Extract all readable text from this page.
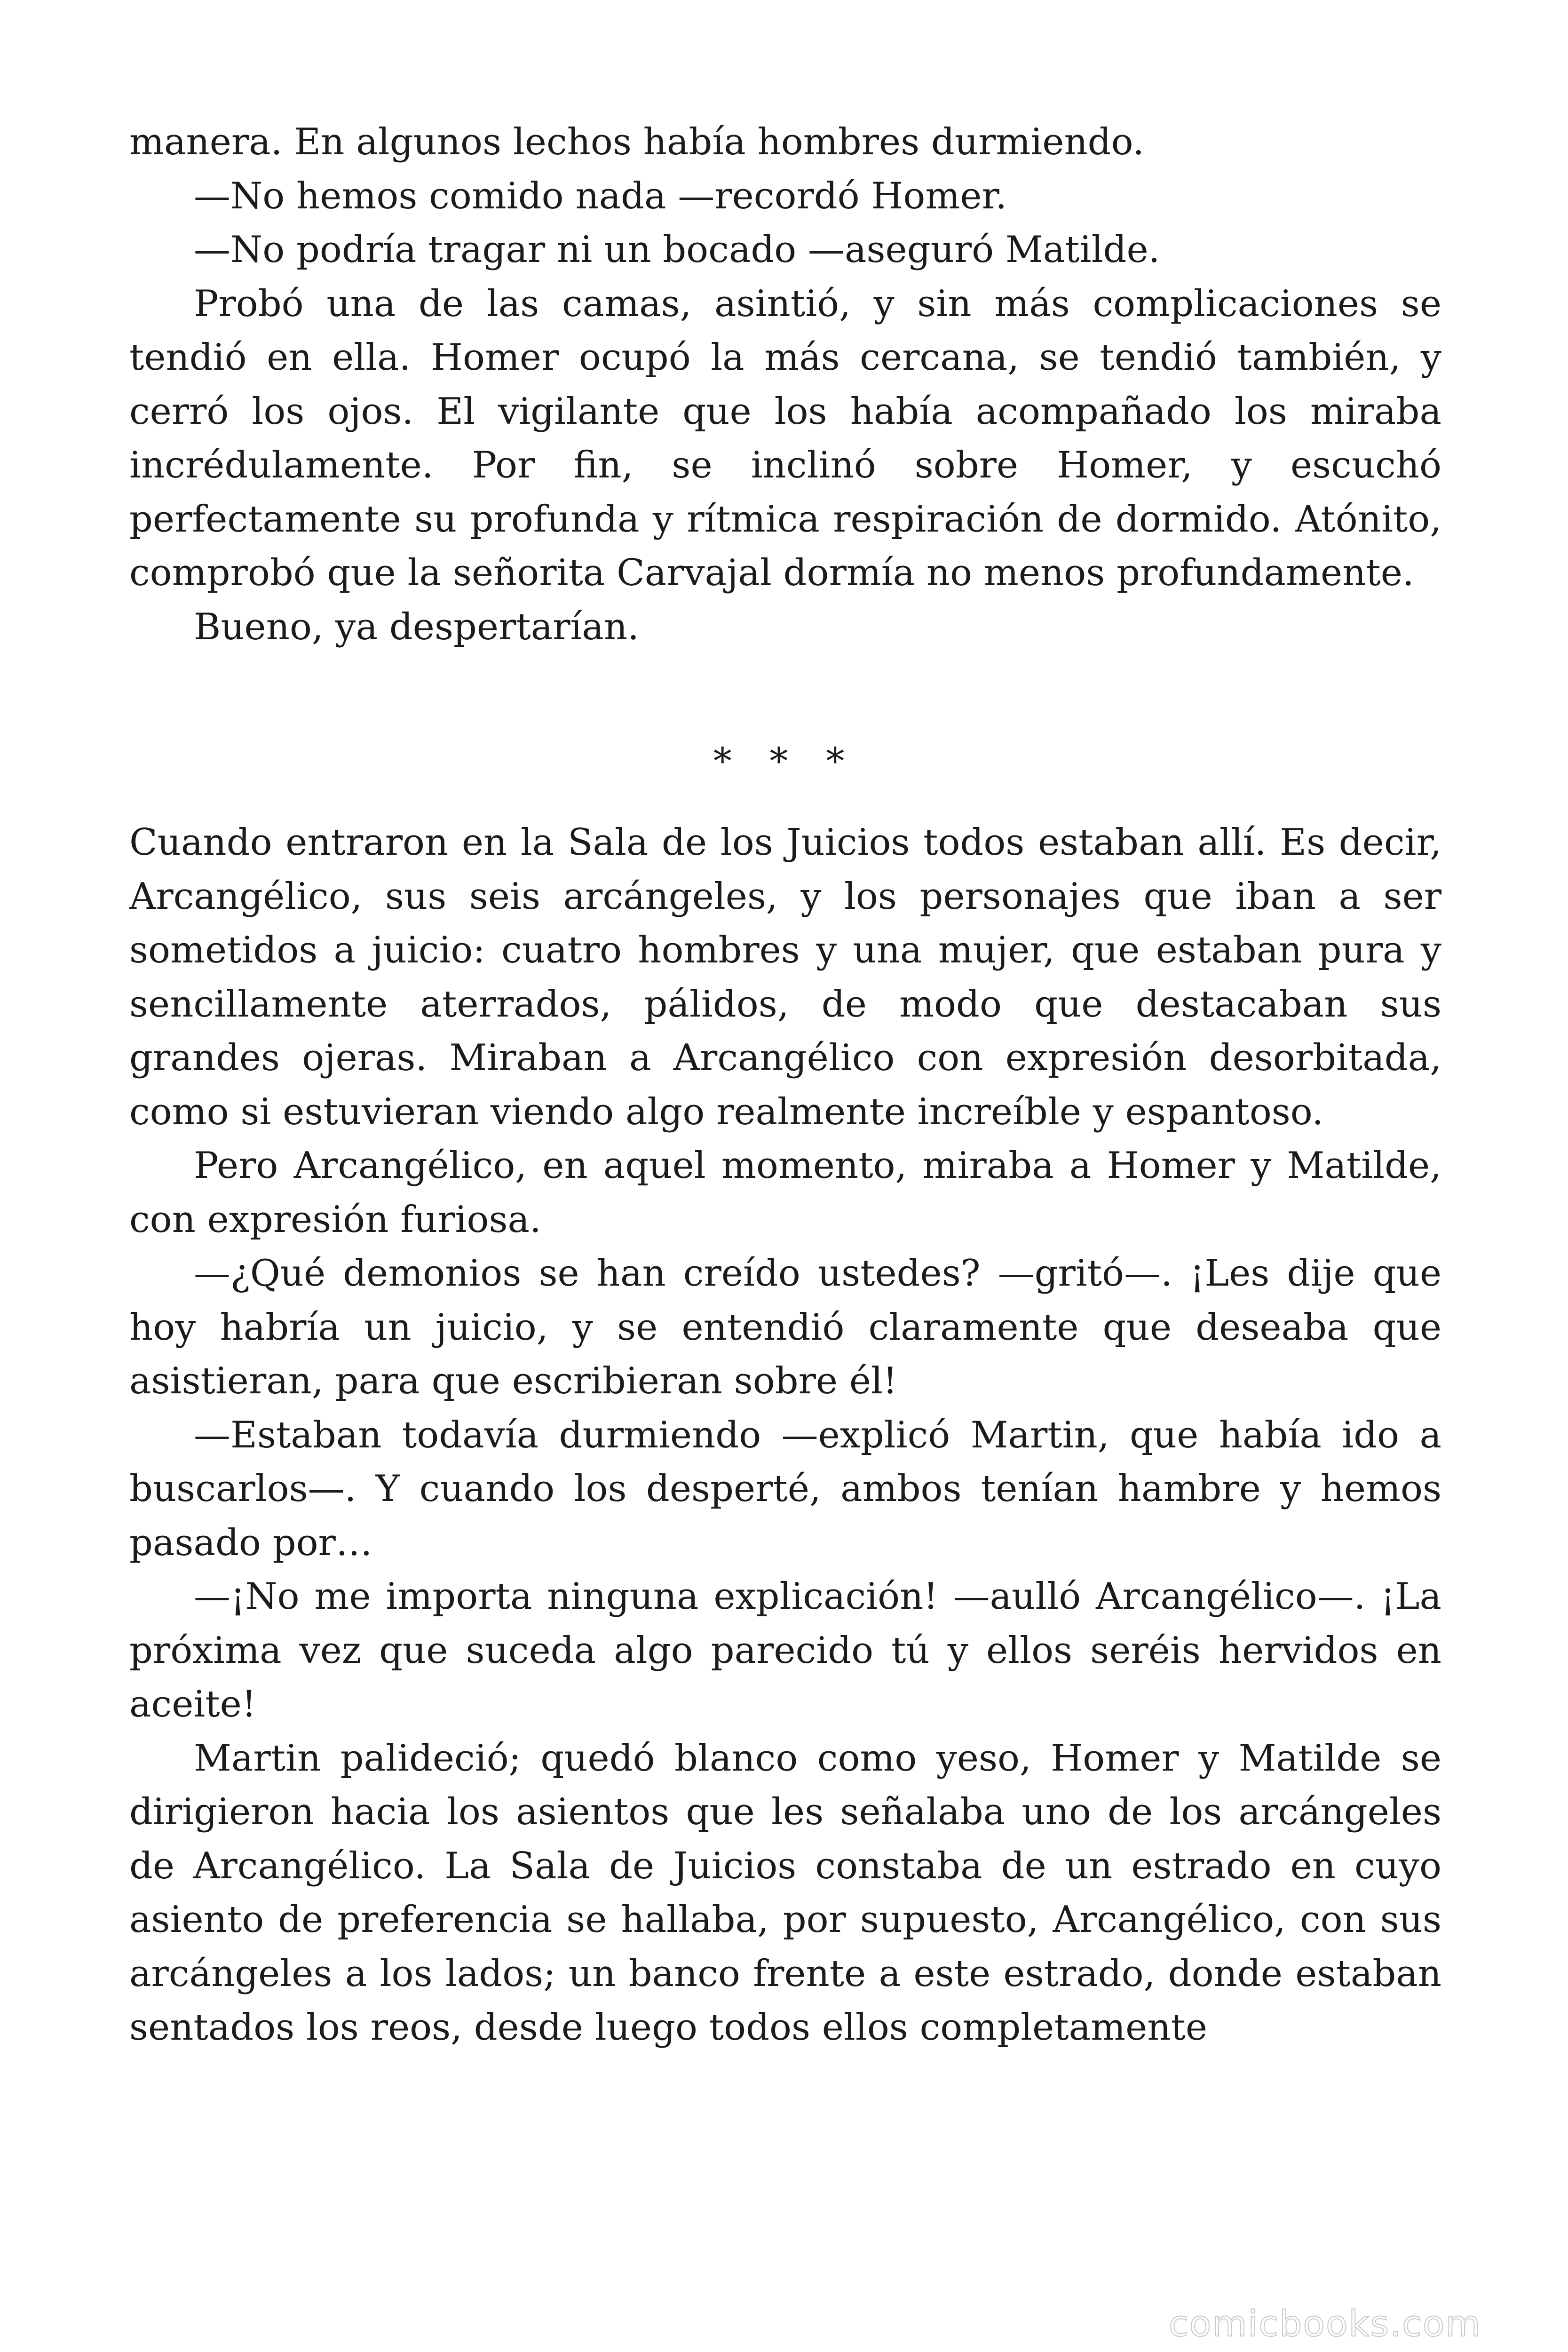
manera. En algunos lechos había hombres durmiendo.

—No hemos comido nada —recordó Homer.

—No podría tragar ni un bocado —aseguró Matilde.

Probó una de las camas, asintió, y sin más complicaciones se tendió en ella. Homer ocupó la más cercana, se tendió también, y cerró los ojos. El vigilante que los había acompañado los miraba incrédulamente. Por fin, se inclinó sobre Homer, y escuchó perfectamente su profunda y rítmica respiración de dormido. Atónito, comprobó que la señorita Carvajal dormía no menos profundamente.

Bueno, ya despertarían.

* * *

Cuando entraron en la Sala de los Juicios todos estaban allí. Es decir, Arcangélico, sus seis arcángeles, y los personajes que iban a ser sometidos a juicio: cuatro hombres y una mujer, que estaban pura y sencillamente aterrados, pálidos, de modo que destacaban sus grandes ojeras. Miraban a Arcangélico con expresión desorbitada, como si estuvieran viendo algo realmente increíble y espantoso.

Pero Arcangélico, en aquel momento, miraba a Homer y Matilde, con expresión furiosa.

—¿Qué demonios se han creído ustedes? —gritó—. ¡Les dije que hoy habría un juicio, y se entendió claramente que deseaba que asistieran, para que escribieran sobre él!

—Estaban todavía durmiendo —explicó Martin, que había ido a buscarlos—. Y cuando los desperté, ambos tenían hambre y hemos pasado por…

—¡No me importa ninguna explicación! —aulló Arcangélico—. ¡La próxima vez que suceda algo parecido tú y ellos seréis hervidos en aceite!

Martin palideció; quedó blanco como yeso, Homer y Matilde se dirigieron hacia los asientos que les señalaba uno de los arcángeles de Arcangélico. La Sala de Juicios constaba de un estrado en cuyo asiento de preferencia se hallaba, por supuesto, Arcangélico, con sus arcángeles a los lados; un banco frente a este estrado, donde estaban sentados los reos, desde luego todos ellos completamente

comicbooks.com
